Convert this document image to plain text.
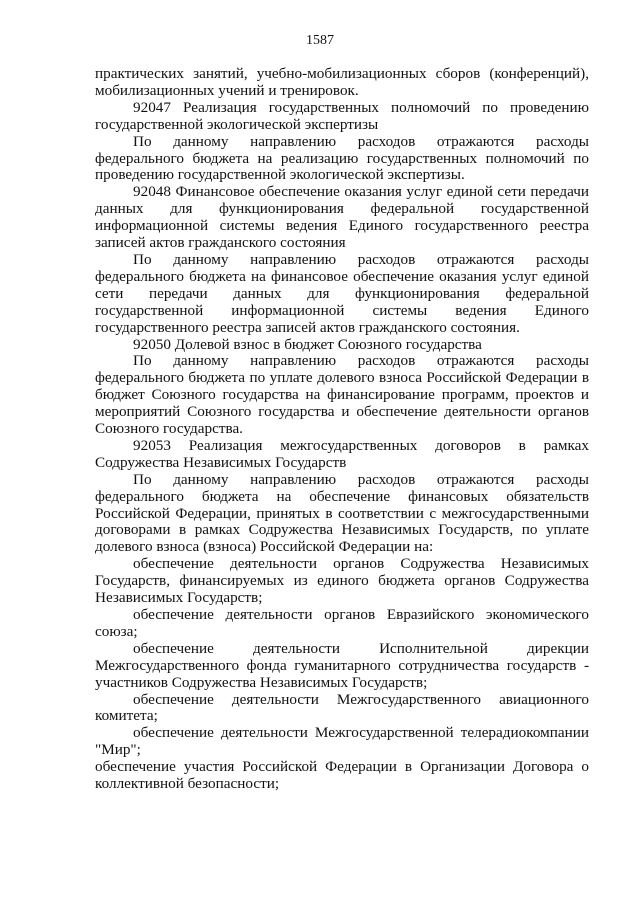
1587

практических занятий, учебно-мобилизационных сборов (конференций), мобилизационных учений и тренировок.

92047 Реализация государственных полномочий по проведению государственной экологической экспертизы

По данному направлению расходов отражаются расходы федерального бюджета на реализацию государственных полномочий по проведению государственной экологической экспертизы.

92048 Финансовое обеспечение оказания услуг единой сети передачи данных для функционирования федеральной государственной информационной системы ведения Единого государственного реестра записей актов гражданского состояния

По данному направлению расходов отражаются расходы федерального бюджета на финансовое обеспечение оказания услуг единой сети передачи данных для функционирования федеральной государственной информационной системы ведения Единого государственного реестра записей актов гражданского состояния.

92050 Долевой взнос в бюджет Союзного государства

По данному направлению расходов отражаются расходы федерального бюджета по уплате долевого взноса Российской Федерации в бюджет Союзного государства на финансирование программ, проектов и мероприятий Союзного государства и обеспечение деятельности органов Союзного государства.

92053 Реализация межгосударственных договоров в рамках Содружества Независимых Государств

По данному направлению расходов отражаются расходы федерального бюджета на обеспечение финансовых обязательств Российской Федерации, принятых в соответствии с межгосударственными договорами в рамках Содружества Независимых Государств, по уплате долевого взноса (взноса) Российской Федерации на:

обеспечение деятельности органов Содружества Независимых Государств, финансируемых из единого бюджета органов Содружества Независимых Государств;

обеспечение деятельности органов Евразийского экономического союза;

обеспечение деятельности Исполнительной дирекции Межгосударственного фонда гуманитарного сотрудничества государств - участников Содружества Независимых Государств;

обеспечение деятельности Межгосударственного авиационного комитета;

обеспечение деятельности Межгосударственной телерадиокомпании "Мир";

обеспечение участия Российской Федерации в Организации Договора о коллективной безопасности;
